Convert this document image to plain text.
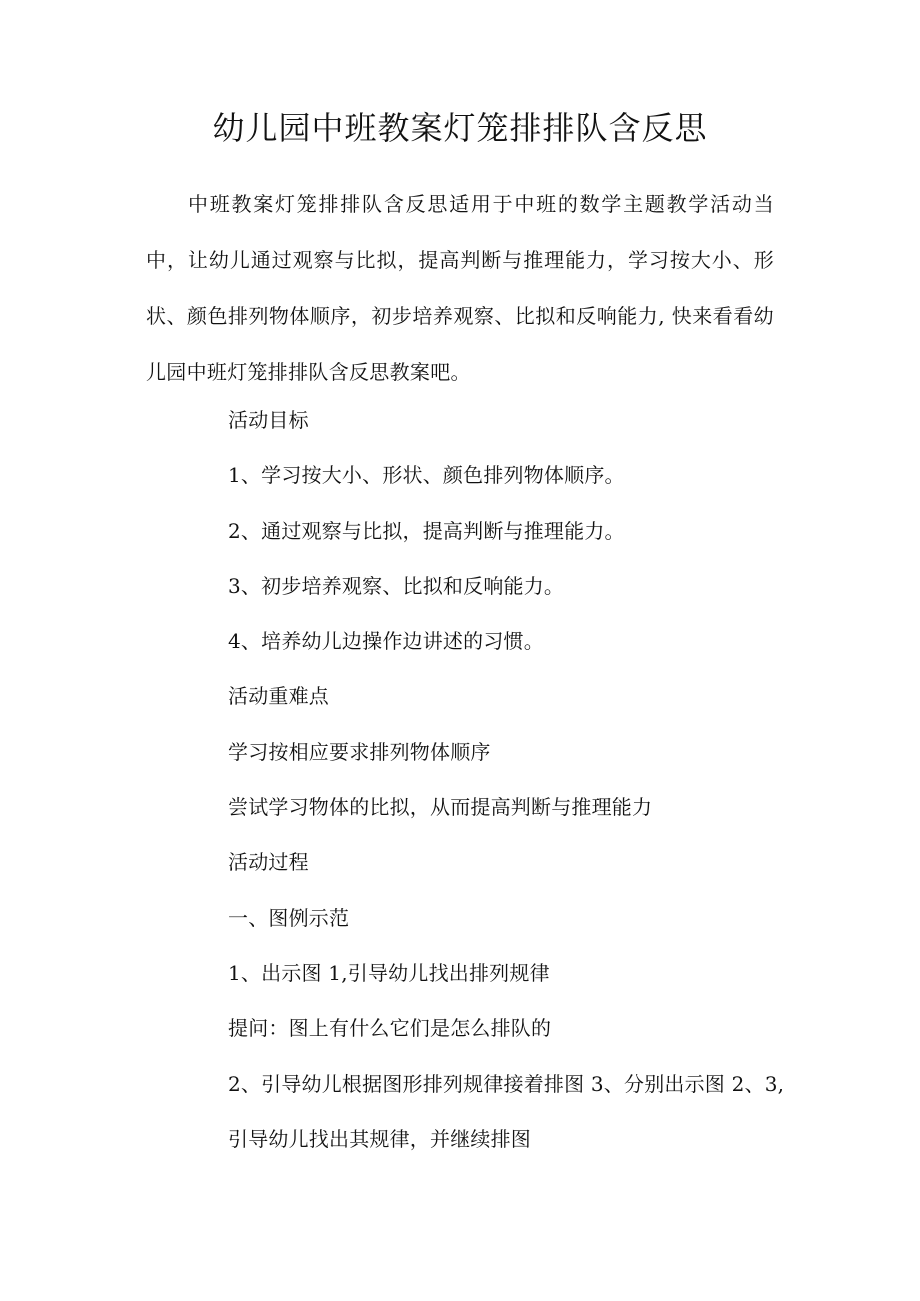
幼儿园中班教案灯笼排排队含反思

中班教案灯笼排排队含反思适用于中班的数学主题教学活动当中，让幼儿通过观察与比拟，提高判断与推理能力，学习按大小、形状、颜色排列物体顺序，初步培养观察、比拟和反响能力, 快来看看幼儿园中班灯笼排排队含反思教案吧。

活动目标
1、学习按大小、形状、颜色排列物体顺序。
2、通过观察与比拟，提高判断与推理能力。
3、初步培养观察、比拟和反响能力。
4、培养幼儿边操作边讲述的习惯。
活动重难点
学习按相应要求排列物体顺序
尝试学习物体的比拟，从而提高判断与推理能力
活动过程
一、图例示范
1、出示图 1,引导幼儿找出排列规律
提问：图上有什么它们是怎么排队的
2、引导幼儿根据图形排列规律接着排图 3、分别出示图 2、3,
引导幼儿找出其规律，并继续排图
